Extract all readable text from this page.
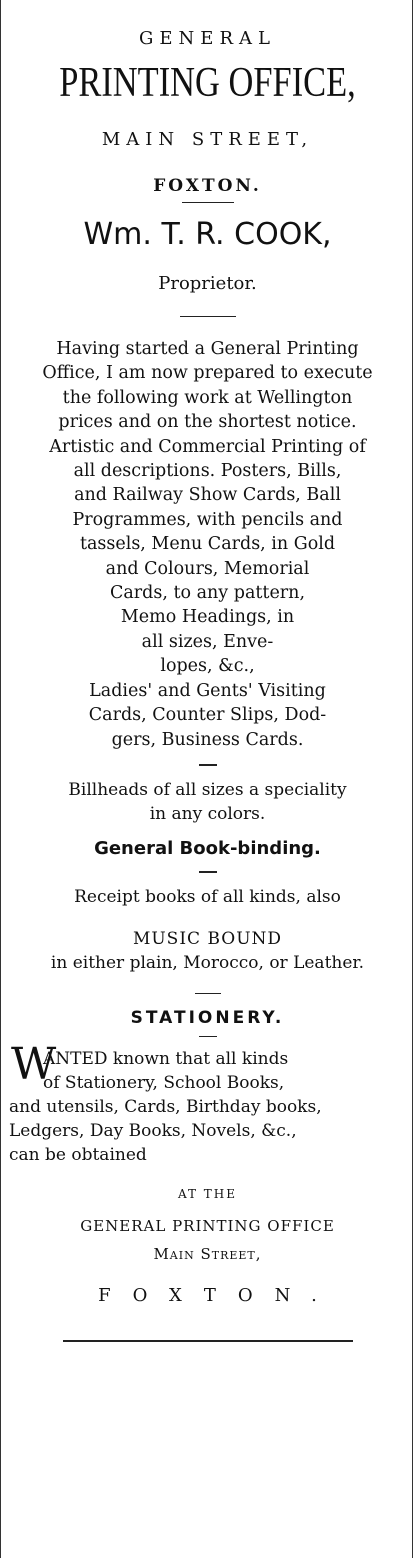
GENERAL
PRINTING OFFICE,
MAIN STREET,
FOXTON.
Wm. T. R. COOK,
Proprietor.
Having started a General Printing
Office, I am now prepared to execute
the following work at Wellington
prices and on the shortest notice.
Artistic and Commercial Printing of
all descriptions. Posters, Bills,
and Railway Show Cards, Ball
Programmes, with pencils and
tassels, Menu Cards, in Gold
and Colours, Memorial
Cards, to any pattern,
Memo Headings, in
all sizes, Enve-
lopes, &c.,
Ladies' and Gents' Visiting
Cards, Counter Slips, Dod-
gers, Business Cards.
Billheads of all sizes a speciality
in any colors.
General Book-binding.
Receipt books of all kinds, also
MUSIC BOUND
in either plain, Morocco, or Leather.
STATIONERY.
W
ANTED known that all kinds
of Stationery, School Books,
and utensils, Cards, Birthday books,
Ledgers, Day Books, Novels, &c.,
can be obtained
AT THE
GENERAL PRINTING OFFICE
Main Street,
FOXTON.
